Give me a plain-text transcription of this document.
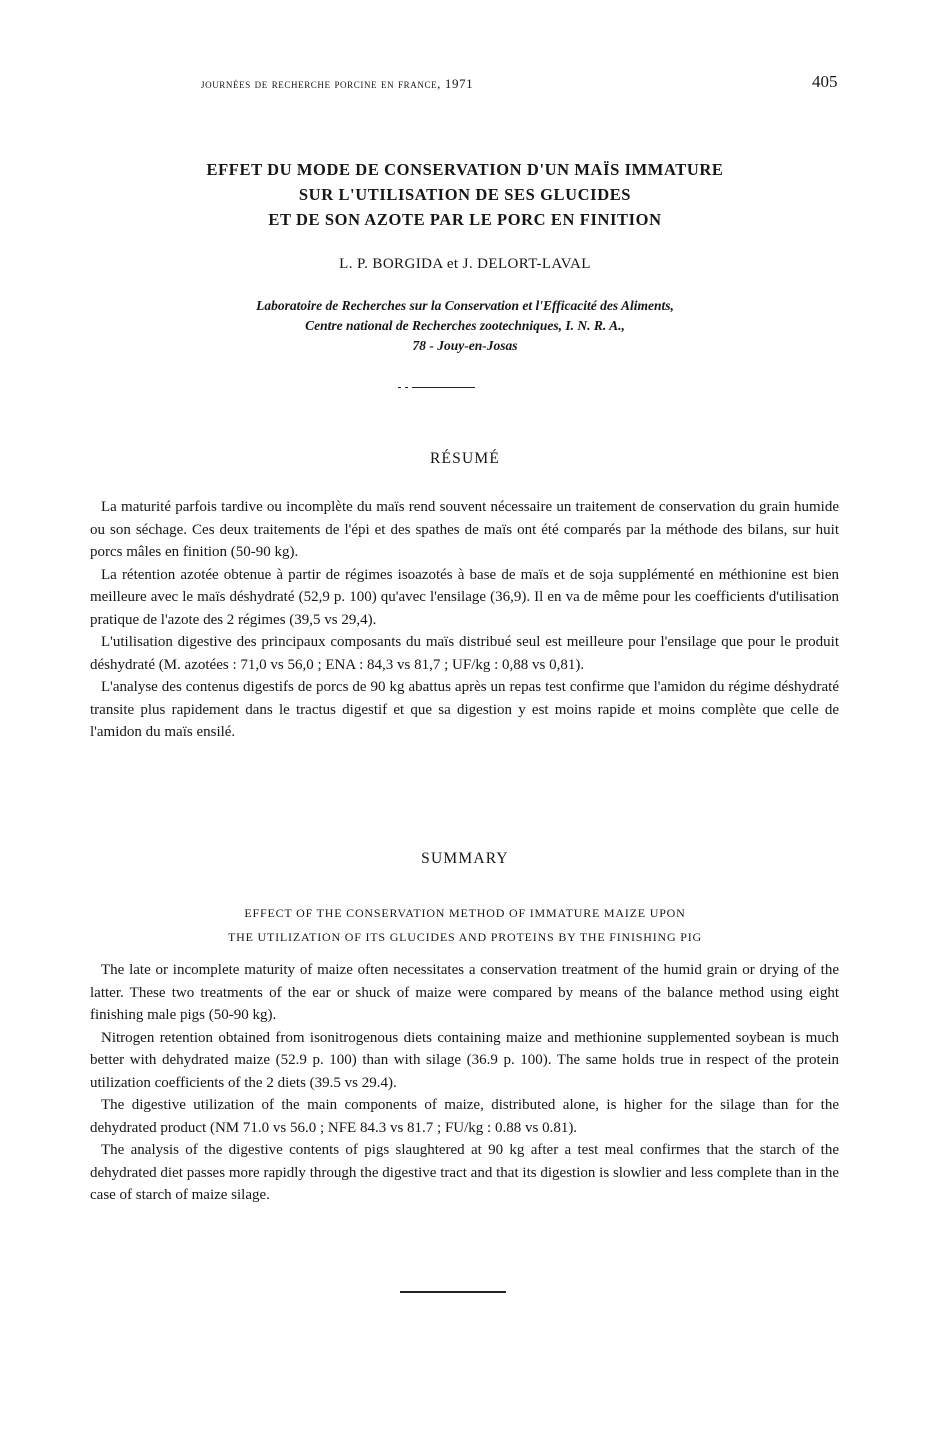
journées de recherche porcine en france, 1971	405
EFFET DU MODE DE CONSERVATION D'UN MAÏS IMMATURE
SUR L'UTILISATION DE SES GLUCIDES
ET DE SON AZOTE PAR LE PORC EN FINITION
L. P. BORGIDA et J. DELORT-LAVAL
Laboratoire de Recherches sur la Conservation et l'Efficacité des Aliments,
Centre national de Recherches zootechniques, I. N. R. A.,
78 - Jouy-en-Josas
RÉSUMÉ

La maturité parfois tardive ou incomplète du maïs rend souvent nécessaire un traitement de conservation du grain humide ou son séchage. Ces deux traitements de l'épi et des spathes de maïs ont été comparés par la méthode des bilans, sur huit porcs mâles en finition (50-90 kg).

La rétention azotée obtenue à partir de régimes isoazotés à base de maïs et de soja supplémenté en méthionine est bien meilleure avec le maïs déshydraté (52,9 p. 100) qu'avec l'ensilage (36,9). Il en va de même pour les coefficients d'utilisation pratique de l'azote des 2 régimes (39,5 vs 29,4).

L'utilisation digestive des principaux composants du maïs distribué seul est meilleure pour l'ensilage que pour le produit déshydraté (M. azotées : 71,0 vs 56,0 ; ENA : 84,3 vs 81,7 ; UF/kg : 0,88 vs 0,81).

L'analyse des contenus digestifs de porcs de 90 kg abattus après un repas test confirme que l'amidon du régime déshydraté transite plus rapidement dans le tractus digestif et que sa digestion y est moins rapide et moins complète que celle de l'amidon du maïs ensilé.

SUMMARY
EFFECT OF THE CONSERVATION METHOD OF IMMATURE MAIZE UPON
THE UTILIZATION OF ITS GLUCIDES AND PROTEINS BY THE FINISHING PIG

The late or incomplete maturity of maize often necessitates a conservation treatment of the humid grain or drying of the latter. These two treatments of the ear or shuck of maize were compared by means of the balance method using eight finishing male pigs (50-90 kg).

Nitrogen retention obtained from isonitrogenous diets containing maize and methionine supplemented soybean is much better with dehydrated maize (52.9 p. 100) than with silage (36.9 p. 100). The same holds true in respect of the protein utilization coefficients of the 2 diets (39.5 vs 29.4).

The digestive utilization of the main components of maize, distributed alone, is higher for the silage than for the dehydrated product (NM 71.0 vs 56.0 ; NFE 84.3 vs 81.7 ; FU/kg : 0.88 vs 0.81).

The analysis of the digestive contents of pigs slaughtered at 90 kg after a test meal confirmes that the starch of the dehydrated diet passes more rapidly through the digestive tract and that its digestion is slowlier and less complete than in the case of starch of maize silage.
